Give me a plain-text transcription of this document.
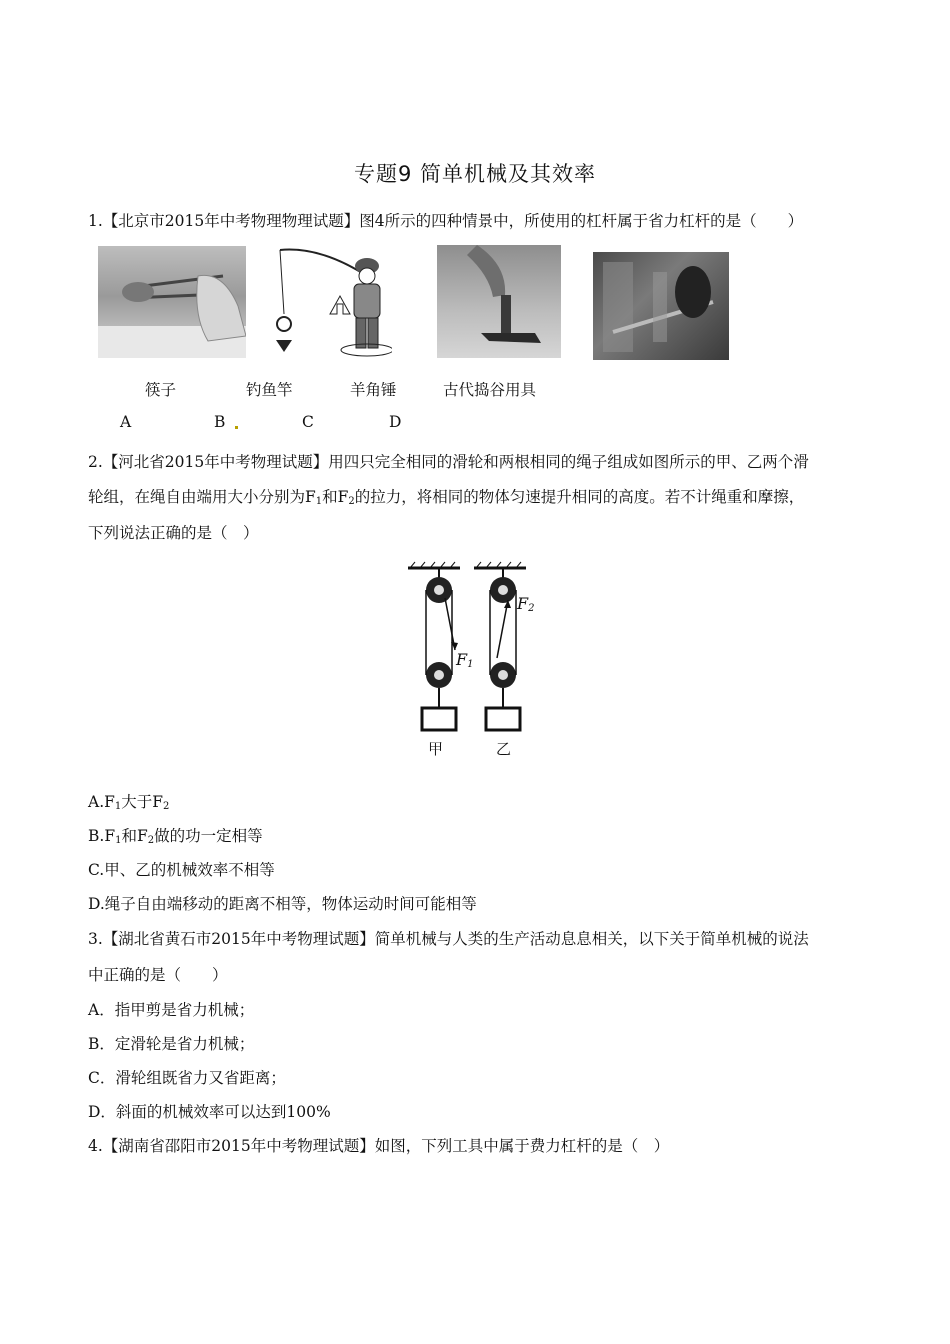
专题9 简单机械及其效率
1.【北京市2015年中考物理物理试题】图4所示的四种情景中，所使用的杠杆属于省力杠杆的是（　　）
筷子	钓鱼竿	羊角锤	古代捣谷用具
A	B	C	D
2.【河北省2015年中考物理试题】用四只完全相同的滑轮和两根相同的绳子组成如图所示的甲、乙两个滑
轮组，在绳自由端用大小分别为$F_1$和$F_2$的拉力，将相同的物体匀速提升相同的高度。若不计绳重和摩擦，
下列说法正确的是（　）
$F_1$
$F_2$
甲	乙
$A.F_1$大于$F_2$
$B.F_1$和$F_2$做的功一定相等
C.甲、乙的机械效率不相等
D.绳子自由端移动的距离不相等，物体运动时间可能相等
3.【湖北省黄石市2015年中考物理试题】简单机械与人类的生产活动息息相关，以下关于简单机械的说法
中正确的是（　　）
A．指甲剪是省力机械；
B．定滑轮是省力机械；
C．滑轮组既省力又省距离；
D．斜面的机械效率可以达到100%
4.【湖南省邵阳市2015年中考物理试题】如图，下列工具中属于费力杠杆的是（　）
